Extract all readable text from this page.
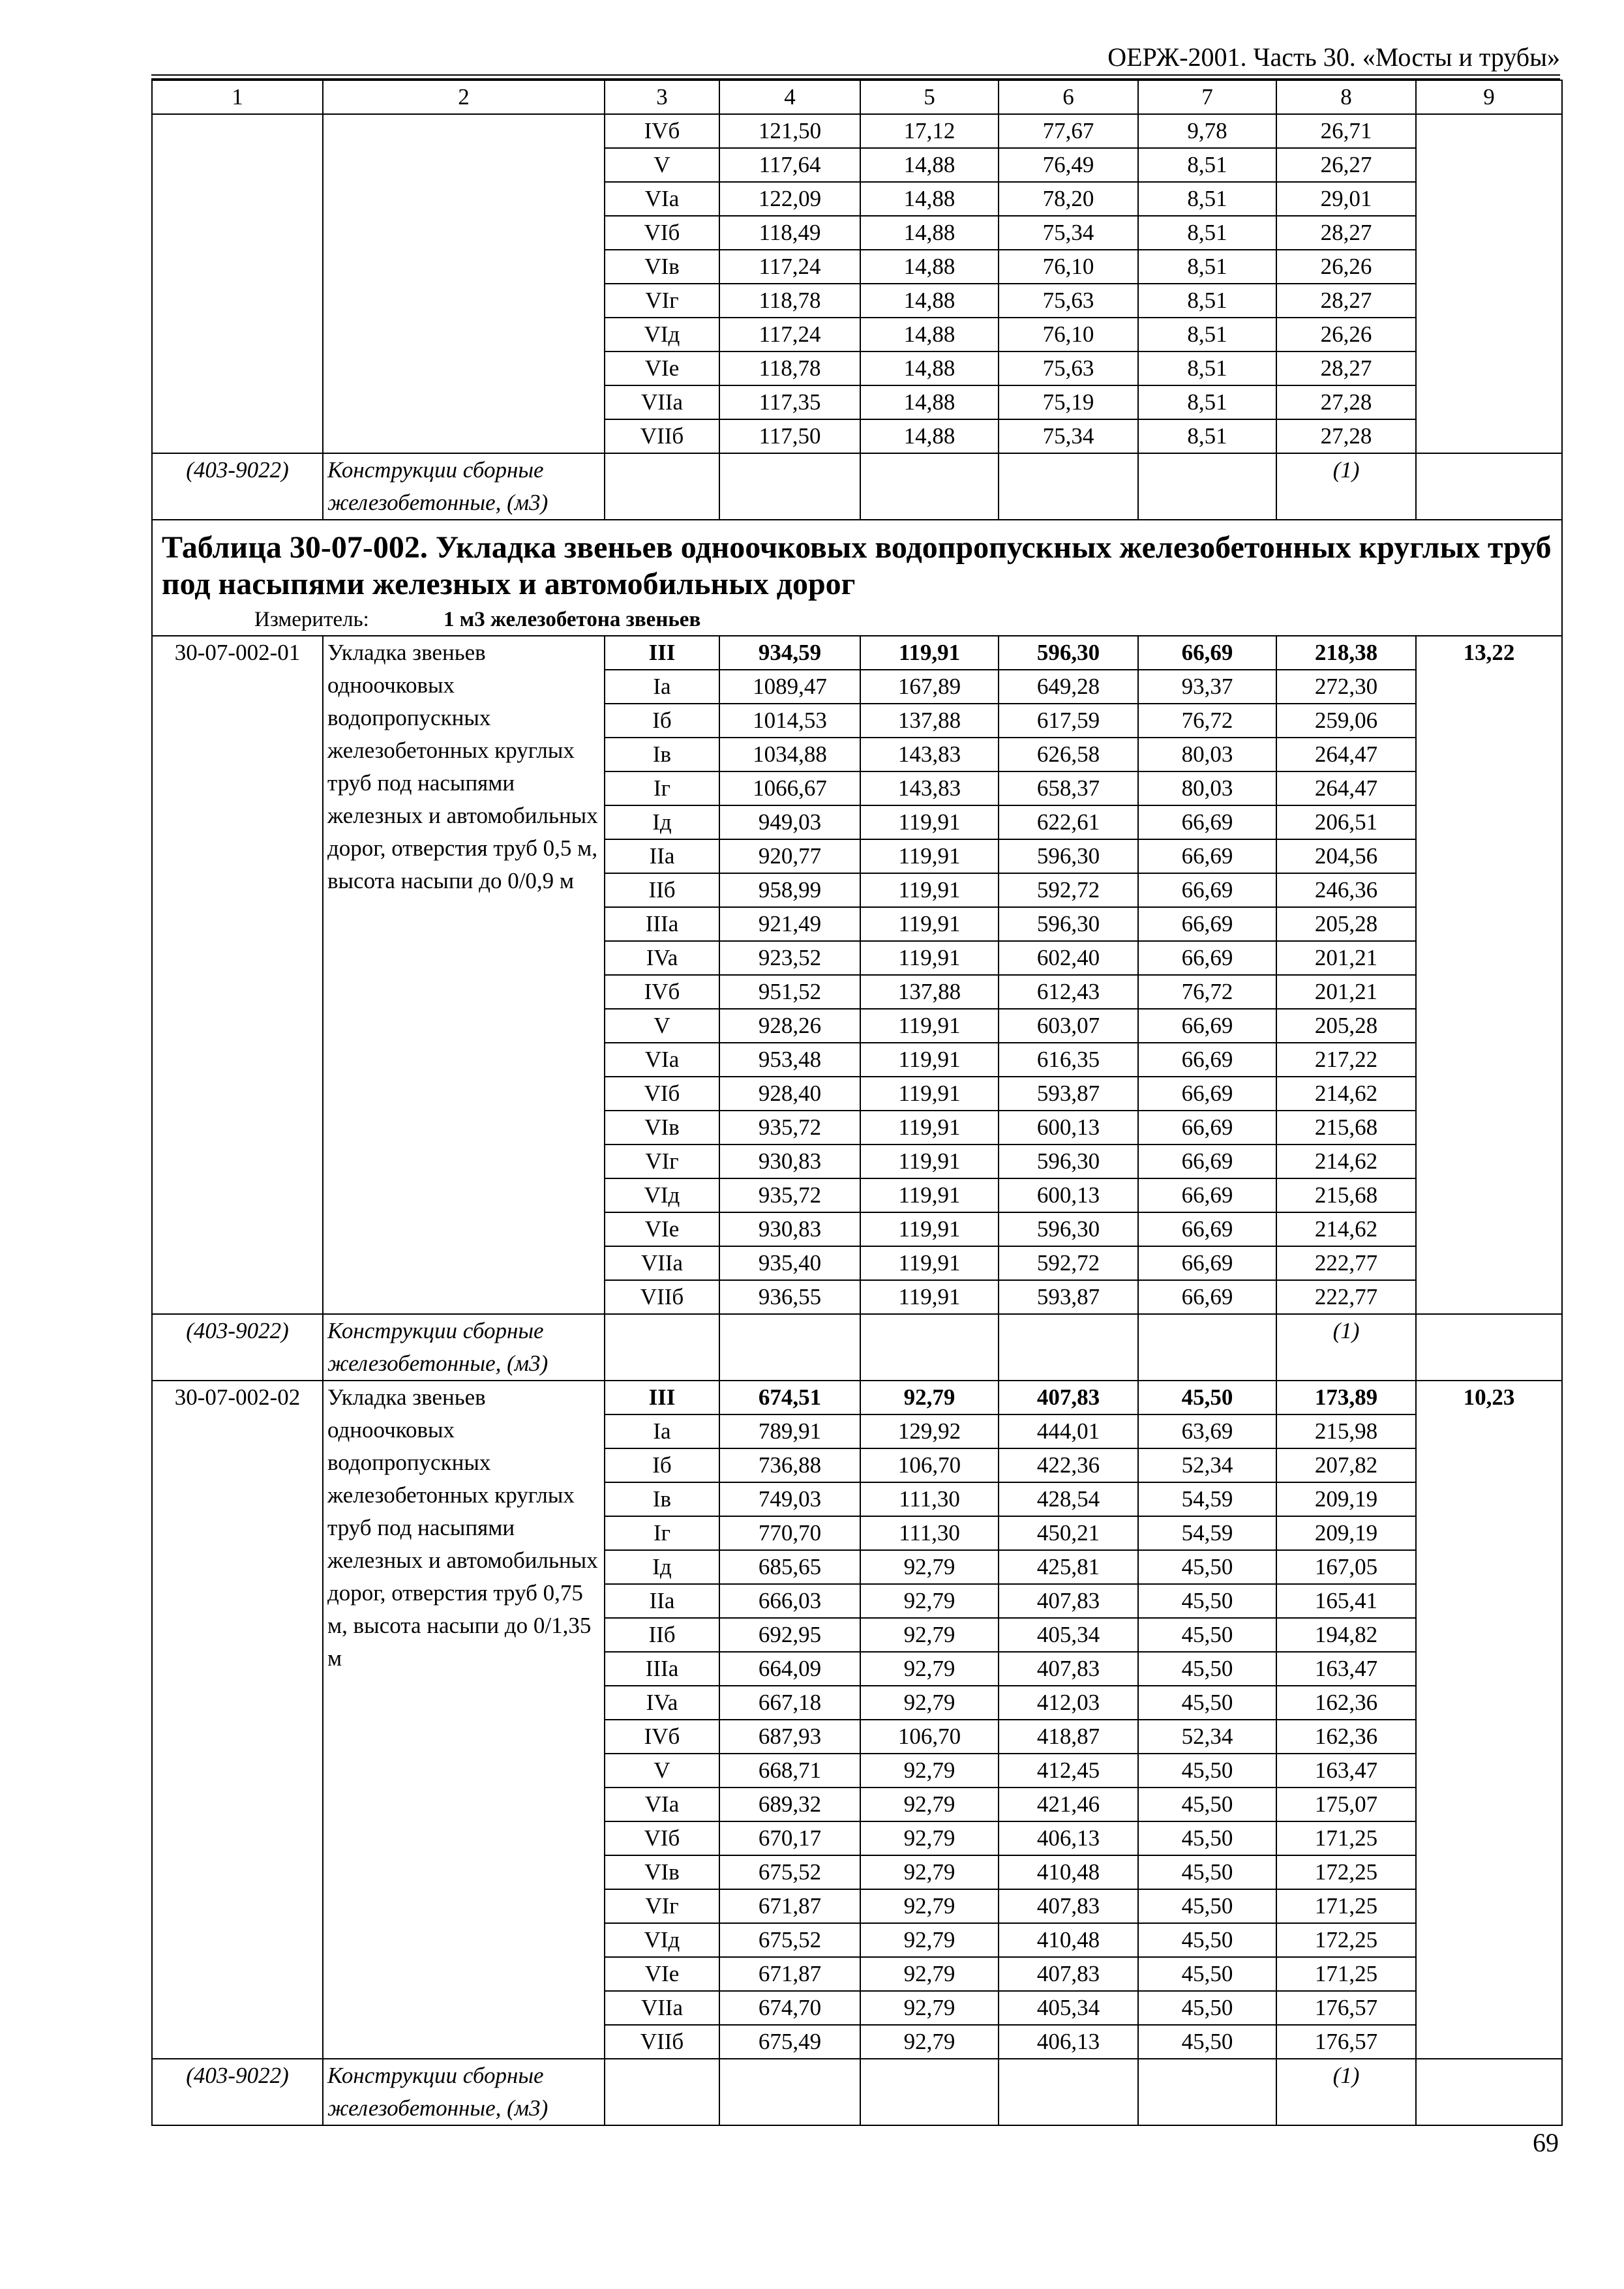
ОЕРЖ-2001. Часть 30. «Мосты и трубы»
1	2	3	4	5	6	7	8	9
		IVб	121,50	17,12	77,67	9,78	26,71	
		V	117,64	14,88	76,49	8,51	26,27	
		VIa	122,09	14,88	78,20	8,51	29,01	
		VIб	118,49	14,88	75,34	8,51	28,27	
		VIв	117,24	14,88	76,10	8,51	26,26	
		VIг	118,78	14,88	75,63	8,51	28,27	
		VIд	117,24	14,88	76,10	8,51	26,26	
		VIe	118,78	14,88	75,63	8,51	28,27	
		VIIa	117,35	14,88	75,19	8,51	27,28	
		VIIб	117,50	14,88	75,34	8,51	27,28	
(403-9022)	Конструкции сборные железобетонные, (м3)						(1)	

Таблица 30-07-002. Укладка звеньев одноочковых водопропускных железобетонных круглых труб под насыпями железных и автомобильных дорог
Измеритель: 1 м3 железобетона звеньев								

30-07-002-01	Укладка звеньев одноочковых водопропускных железобетонных круглых труб под насыпями железных и автомобильных дорог, отверстия труб 0,5 м, высота насыпи до 0/0,9 м	III	934,59	119,91	596,30	66,69	218,38	13,22
		Ia	1089,47	167,89	649,28	93,37	272,30	
		Iб	1014,53	137,88	617,59	76,72	259,06	
		Iв	1034,88	143,83	626,58	80,03	264,47	
		Iг	1066,67	143,83	658,37	80,03	264,47	
		Iд	949,03	119,91	622,61	66,69	206,51	
		IIa	920,77	119,91	596,30	66,69	204,56	
		IIб	958,99	119,91	592,72	66,69	246,36	
		IIIa	921,49	119,91	596,30	66,69	205,28	
		IVa	923,52	119,91	602,40	66,69	201,21	
		IVб	951,52	137,88	612,43	76,72	201,21	
		V	928,26	119,91	603,07	66,69	205,28	
		VIa	953,48	119,91	616,35	66,69	217,22	
		VIб	928,40	119,91	593,87	66,69	214,62	
		VIв	935,72	119,91	600,13	66,69	215,68	
		VIг	930,83	119,91	596,30	66,69	214,62	
		VIд	935,72	119,91	600,13	66,69	215,68	
		VIe	930,83	119,91	596,30	66,69	214,62	
		VIIa	935,40	119,91	592,72	66,69	222,77	
		VIIб	936,55	119,91	593,87	66,69	222,77	
(403-9022)	Конструкции сборные железобетонные, (м3)						(1)	
30-07-002-02	Укладка звеньев одноочковых водопропускных железобетонных круглых труб под насыпями железных и автомобильных дорог, отверстия труб 0,75 м, высота насыпи до 0/1,35 м	III	674,51	92,79	407,83	45,50	173,89	10,23
		Ia	789,91	129,92	444,01	63,69	215,98	
		Iб	736,88	106,70	422,36	52,34	207,82	
		Iв	749,03	111,30	428,54	54,59	209,19	
		Iг	770,70	111,30	450,21	54,59	209,19	
		Iд	685,65	92,79	425,81	45,50	167,05	
		IIa	666,03	92,79	407,83	45,50	165,41	
		IIб	692,95	92,79	405,34	45,50	194,82	
		IIIa	664,09	92,79	407,83	45,50	163,47	
		IVa	667,18	92,79	412,03	45,50	162,36	
		IVб	687,93	106,70	418,87	52,34	162,36	
		V	668,71	92,79	412,45	45,50	163,47	
		VIa	689,32	92,79	421,46	45,50	175,07	
		VIб	670,17	92,79	406,13	45,50	171,25	
		VIв	675,52	92,79	410,48	45,50	172,25	
		VIг	671,87	92,79	407,83	45,50	171,25	
		VIд	675,52	92,79	410,48	45,50	172,25	
		VIe	671,87	92,79	407,83	45,50	171,25	
		VIIa	674,70	92,79	405,34	45,50	176,57	
		VIIб	675,49	92,79	406,13	45,50	176,57	
(403-9022)	Конструкции сборные железобетонные, (м3)						(1)	
69
